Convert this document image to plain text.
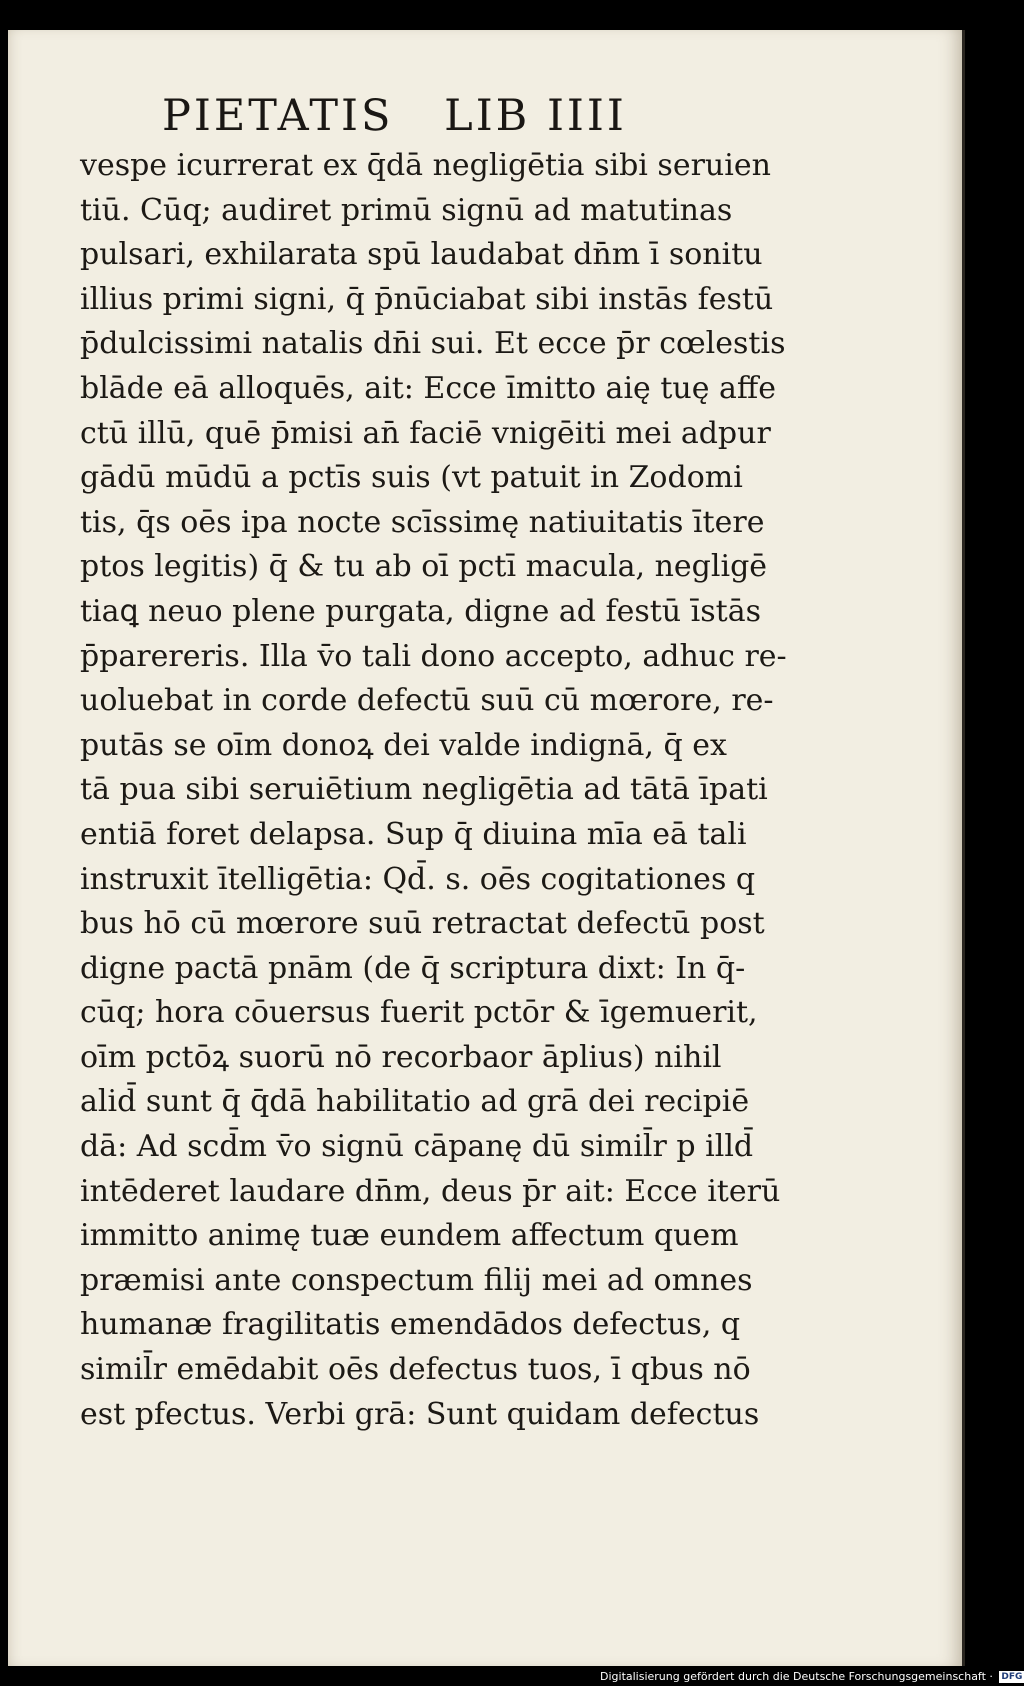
PIETATIS LIB IIII
vespe icurrerat ex q̄dā negligētia sibi seruien
tiū. Cūq; audiret primū signū ad matutinas
pulsari, exhilarata spū laudabat dn̄m ī sonitu
illius primi signi, q̄ p̄nūciabat sibi instās festū
p̄dulcissimi natalis dn̄i sui. Et ecce p̄r cœlestis
blāde eā alloquēs, ait: Ecce īmitto aię tuę affe
ctū illū, quē p̄misi an̄ faciē vnigēiti mei adpur
gādū mūdū a pctīs suis (vt patuit in Zodomi
tis, q̄s oēs ipa nocte scīssimę natiuitatis ītere
ptos legitis) q̄ & tu ab oī pctī macula, negligē
tiaꝗ neuo plene purgata, digne ad festū īstās
p̄parereris. Illa v̄o tali dono accepto, adhuc re-
uoluebat in corde defectū suū cū mœrore, re-
putās se oīm donoꝝ dei valde indignā, q̄ ex
tā pua sibi seruiētium negligētia ad tātā īpati
entiā foret delapsa. Sup q̄ diuina mīa eā tali
instruxit ītelligētia: Qd̄. s. oēs cogitationes q
bus hō cū mœrore suū retractat defectū post
digne pactā pnām (de q̄ scriptura dixt: In q̄-
cūq; hora cōuersus fuerit pctōr & īgemuerit,
oīm pctōꝝ suorū nō recorbaor āplius) nihil
alid̄ sunt q̄ q̄dā habilitatio ad grā dei recipiē
dā: Ad scd̄m v̄o signū cāpanę dū simil̄r p illd̄
intēderet laudare dn̄m, deus p̄r ait: Ecce iterū
immitto animę tuæ eundem affectum quem
præmisi ante conspectum filij mei ad omnes
humanæ fragilitatis emendādos defectus, q
simil̄r emēdabit oēs defectus tuos, ī qbus nō
est pfectus. Verbi grā: Sunt quidam defectus
Digitalisierung gefördert durch die Deutsche Forschungsgemeinschaft · DFG
